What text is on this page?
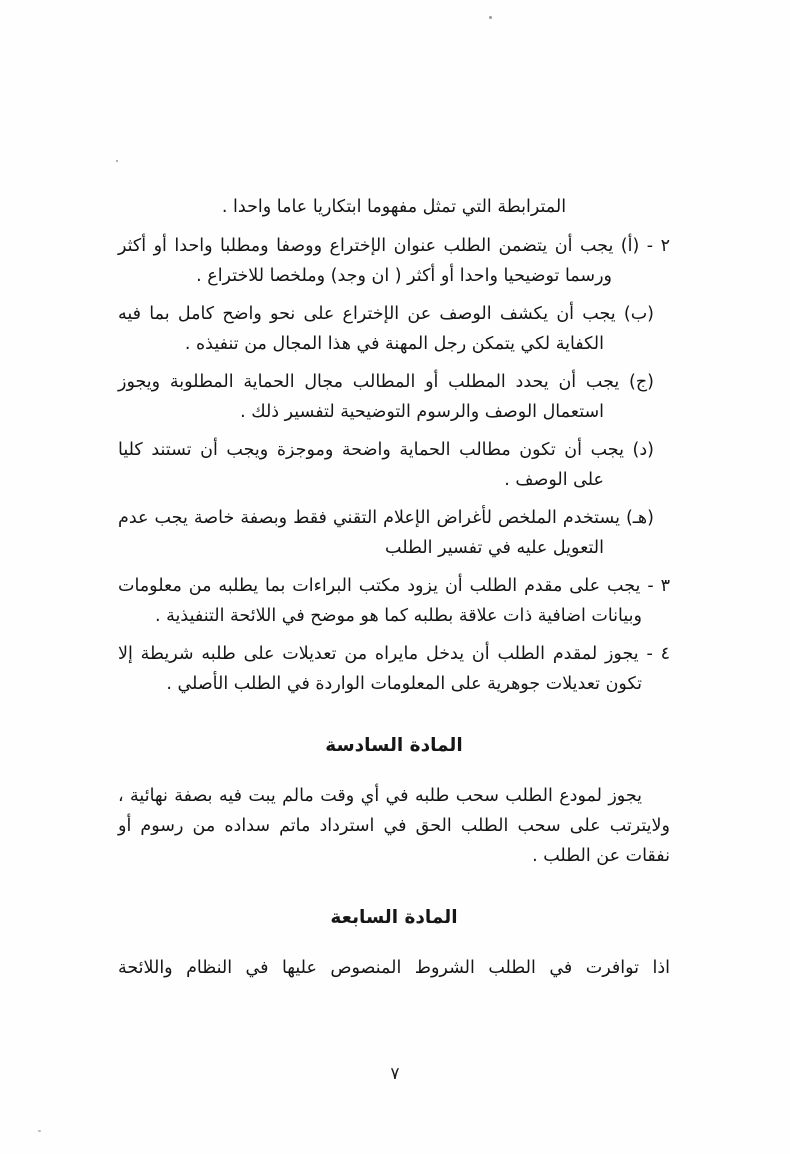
المترابطة التي تمثل مفهوما ابتكاريا عاما واحدا .

٢ - (أ) يجب أن يتضمن الطلب عنوان الإختراع ووصفا ومطلبا واحدا أو أكثر ورسما توضيحيا واحدا أو أكثر ( ان وجد) وملخصا للاختراع .

(ب) يجب أن يكشف الوصف عن الإختراع على نحو واضح كامل بما فيه الكفاية لكي يتمكن رجل المهنة في هذا المجال من تنفيذه .

(ج) يجب أن يحدد المطلب أو المطالب مجال الحماية المطلوبة ويجوز استعمال الوصف والرسوم التوضيحية لتفسير ذلك .

(د) يجب أن تكون مطالب الحماية واضحة وموجزة ويجب أن تستند كليا على الوصف .

(هـ) يستخدم الملخص لأغراض الإعلام التقني فقط وبصفة خاصة يجب عدم التعويل عليه في تفسير الطلب

٣ - يجب على مقدم الطلب أن يزود مكتب البراءات بما يطلبه من معلومات وبيانات اضافية ذات علاقة بطلبه كما هو موضح في اللائحة التنفيذية .

٤ - يجوز لمقدم الطلب أن يدخل مايراه من تعديلات على طلبه شريطة إلا تكون تعديلات جوهرية على المعلومات الواردة في الطلب الأصلي .

المادة السادسة

يجوز لمودع الطلب سحب طلبه في أي وقت مالم يبت فيه بصفة نهائية ، ولايترتب على سحب الطلب الحق في استرداد ماتم سداده من رسوم أو نفقات عن الطلب .

المادة السابعة

اذا توافرت في الطلب الشروط المنصوص عليها في النظام واللائحة

٧
